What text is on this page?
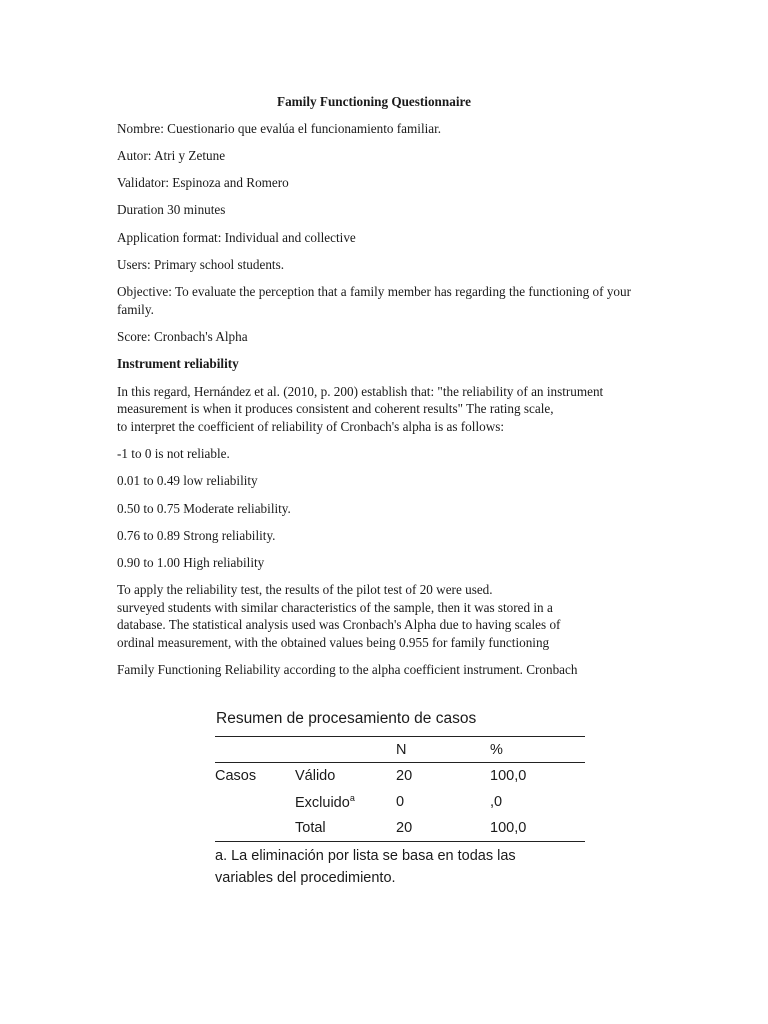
Family Functioning Questionnaire
Nombre: Cuestionario que evalúa el funcionamiento familiar.
Autor: Atri y Zetune
Validator: Espinoza and Romero
Duration 30 minutes
Application format: Individual and collective
Users: Primary school students.
Objective: To evaluate the perception that a family member has regarding the functioning of your family.
Score: Cronbach's Alpha
Instrument reliability
In this regard, Hernández et al. (2010, p. 200) establish that: "the reliability of an instrument
measurement is when it produces consistent and coherent results" The rating scale,
to interpret the coefficient of reliability of Cronbach's alpha is as follows:
-1 to 0 is not reliable.
0.01 to 0.49 low reliability
0.50 to 0.75 Moderate reliability.
0.76 to 0.89 Strong reliability.
0.90 to 1.00 High reliability
To apply the reliability test, the results of the pilot test of 20 were used.
surveyed students with similar characteristics of the sample, then it was stored in a
database. The statistical analysis used was Cronbach's Alpha due to having scales of
ordinal measurement, with the obtained values being 0.955 for family functioning
Family Functioning Reliability according to the alpha coefficient instrument. Cronbach
Resumen de procesamiento de casos
		N	%
Casos	Válido	20	100,0
	Excluido$^a$	0	,0
	Total	20	100,0
a. La eliminación por lista se basa en todas las
variables del procedimiento.
